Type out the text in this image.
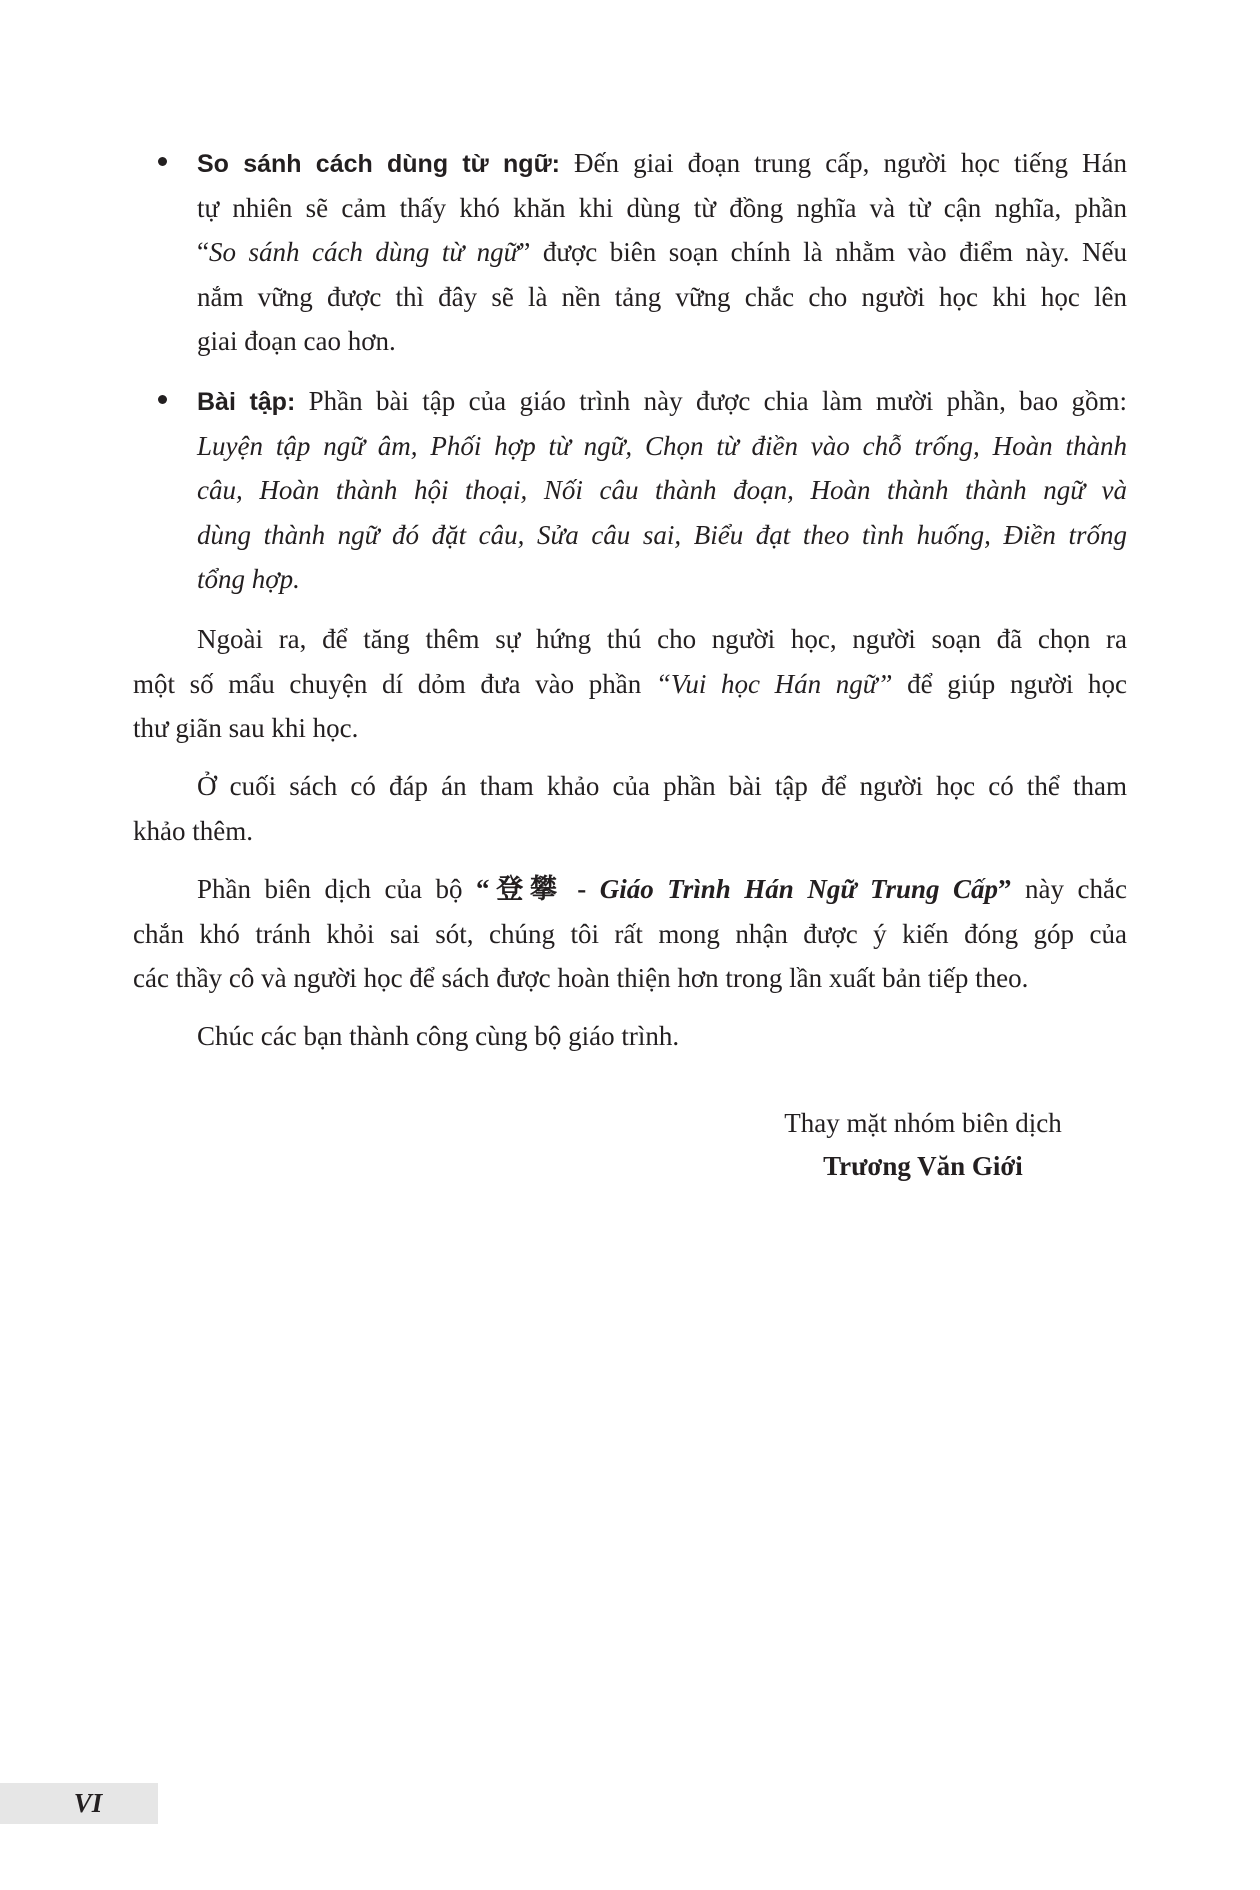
So sánh cách dùng từ ngữ: Đến giai đoạn trung cấp, người học tiếng Hán
tự nhiên sẽ cảm thấy khó khăn khi dùng từ đồng nghĩa và từ cận nghĩa, phần
“So sánh cách dùng từ ngữ” được biên soạn chính là nhằm vào điểm này. Nếu
nắm vững được thì đây sẽ là nền tảng vững chắc cho người học khi học lên
giai đoạn cao hơn.
Bài tập: Phần bài tập của giáo trình này được chia làm mười phần, bao gồm:
Luyện tập ngữ âm, Phối hợp từ ngữ, Chọn từ điền vào chỗ trống, Hoàn thành
câu, Hoàn thành hội thoại, Nối câu thành đoạn, Hoàn thành thành ngữ và
dùng thành ngữ đó đặt câu, Sửa câu sai, Biểu đạt theo tình huống, Điền trống
tổng hợp.
Ngoài ra, để tăng thêm sự hứng thú cho người học, người soạn đã chọn ra
một số mẩu chuyện dí dỏm đưa vào phần “Vui học Hán ngữ” để giúp người học
thư giãn sau khi học.
Ở cuối sách có đáp án tham khảo của phần bài tập để người học có thể tham
khảo thêm.
Phần biên dịch của bộ “登攀 - Giáo Trình Hán Ngữ Trung Cấp” này chắc
chắn khó tránh khỏi sai sót, chúng tôi rất mong nhận được ý kiến đóng góp của
các thầy cô và người học để sách được hoàn thiện hơn trong lần xuất bản tiếp theo.
Chúc các bạn thành công cùng bộ giáo trình.
Thay mặt nhóm biên dịch
Trương Văn Giới
VI
